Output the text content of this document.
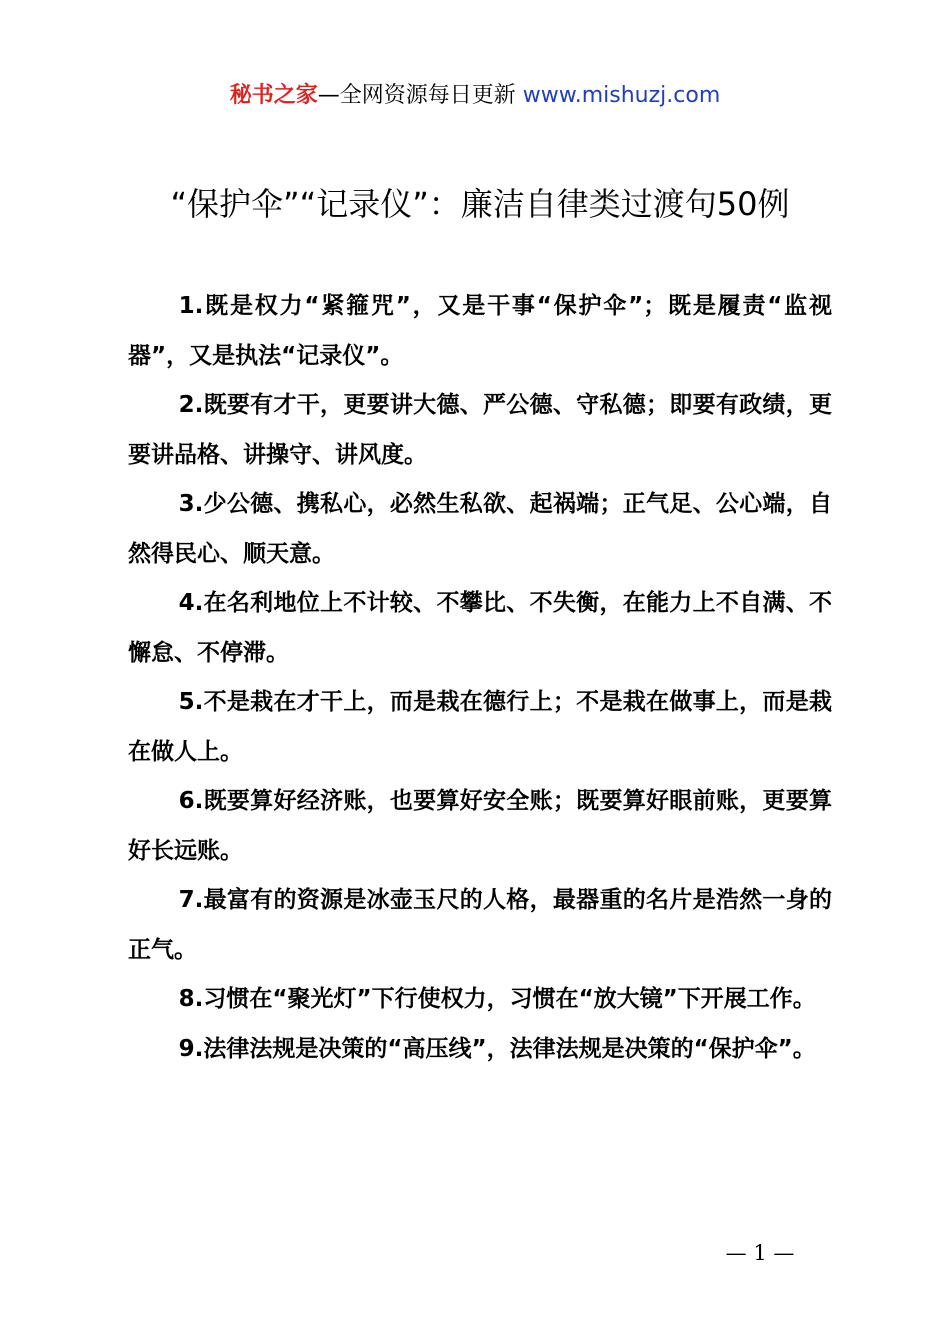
秘书之家—全网资源每日更新 www.mishuzj.com
“保护伞”“记录仪”：廉洁自律类过渡句50例

1.既是权力“紧箍咒”，又是干事“保护伞”；既是履责“监视器”，又是执法“记录仪”。

2.既要有才干，更要讲大德、严公德、守私德；即要有政绩，更要讲品格、讲操守、讲风度。

3.少公德、携私心，必然生私欲、起祸端；正气足、公心端，自然得民心、顺天意。

4.在名利地位上不计较、不攀比、不失衡，在能力上不自满、不懈怠、不停滞。

5.不是栽在才干上，而是栽在德行上；不是栽在做事上，而是栽在做人上。

6.既要算好经济账，也要算好安全账；既要算好眼前账，更要算好长远账。

7.最富有的资源是冰壶玉尺的人格，最器重的名片是浩然一身的正气。

8.习惯在“聚光灯”下行使权力，习惯在“放大镜”下开展工作。

9.法律法规是决策的“高压线”，法律法规是决策的“保护伞”。

— 1 —
